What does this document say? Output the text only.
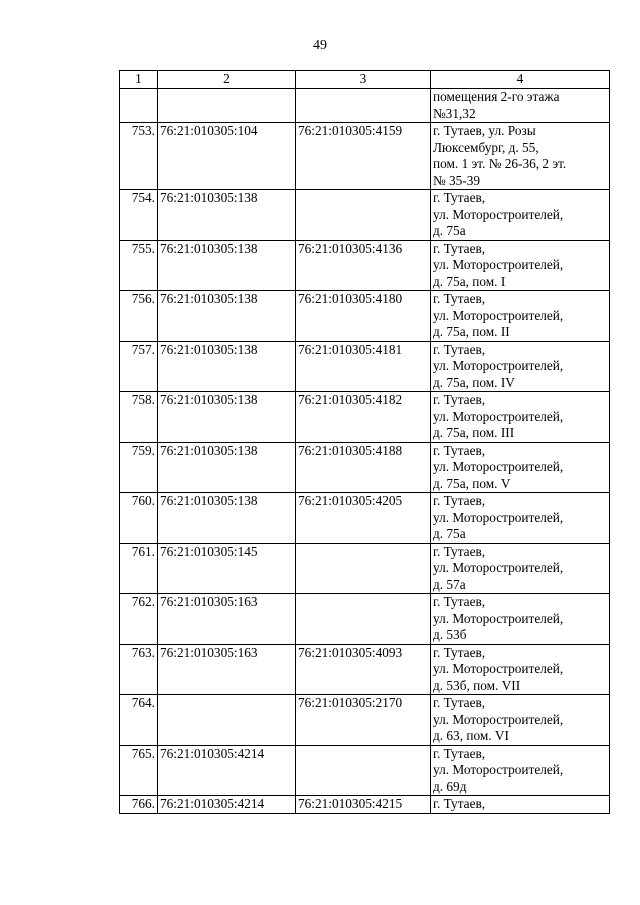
49
1	2	3	4

			помещения 2-го этажа
№31,32

753.	76:21:010305:104	76:21:010305:4159	г. Тутаев, ул. Розы
Люксембург, д. 55,
пом. 1 эт. № 26-36, 2 эт.
№ 35-39

754.	76:21:010305:138		г. Тутаев,
ул. Моторостроителей,
д. 75а

755.	76:21:010305:138	76:21:010305:4136	г. Тутаев,
ул. Моторостроителей,
д. 75а, пом. I

756.	76:21:010305:138	76:21:010305:4180	г. Тутаев,
ул. Моторостроителей,
д. 75а, пом. II

757.	76:21:010305:138	76:21:010305:4181	г. Тутаев,
ул. Моторостроителей,
д. 75а, пом. IV

758.	76:21:010305:138	76:21:010305:4182	г. Тутаев,
ул. Моторостроителей,
д. 75а, пом. III

759.	76:21:010305:138	76:21:010305:4188	г. Тутаев,
ул. Моторостроителей,
д. 75а, пом. V

760.	76:21:010305:138	76:21:010305:4205	г. Тутаев,
ул. Моторостроителей,
д. 75а

761.	76:21:010305:145		г. Тутаев,
ул. Моторостроителей,
д. 57а

762.	76:21:010305:163		г. Тутаев,
ул. Моторостроителей,
д. 53б

763.	76:21:010305:163	76:21:010305:4093	г. Тутаев,
ул. Моторостроителей,
д. 53б, пом. VII

764.		76:21:010305:2170	г. Тутаев,
ул. Моторостроителей,
д. 63, пом. VI

765.	76:21:010305:4214		г. Тутаев,
ул. Моторостроителей,
д. 69д

766.	76:21:010305:4214	76:21:010305:4215	г. Тутаев,
